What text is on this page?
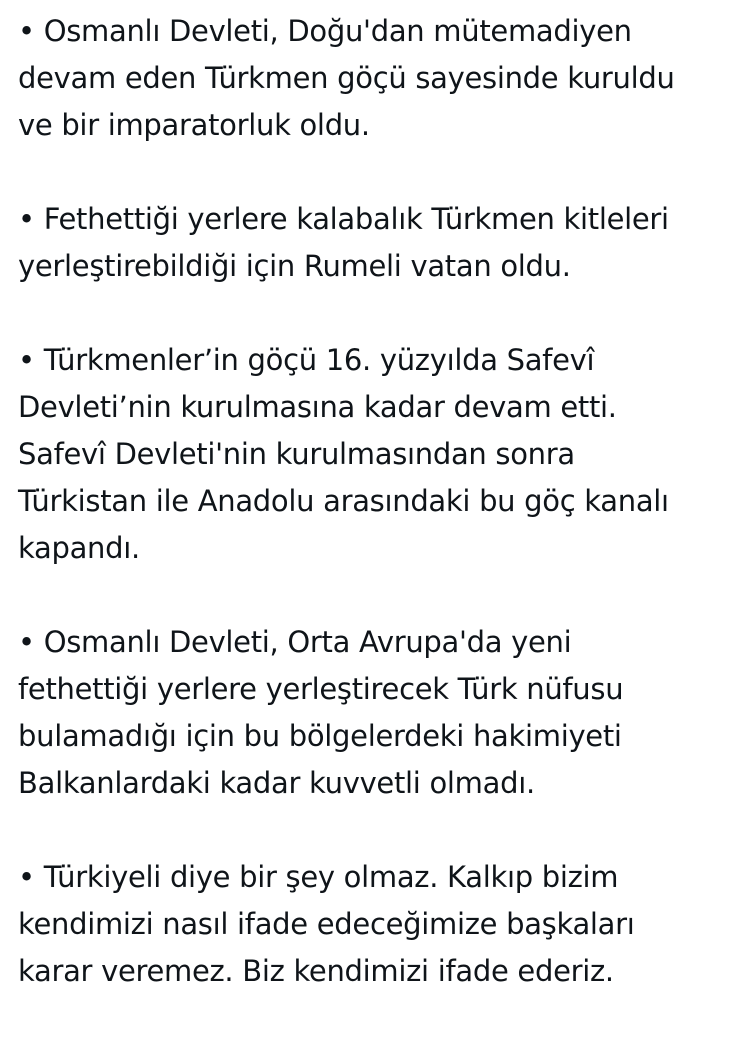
• Osmanlı Devleti, Doğu'dan mütemadiyen
devam eden Türkmen göçü sayesinde kuruldu
ve bir imparatorluk oldu.

• Fethettiği yerlere kalabalık Türkmen kitleleri
yerleştirebildiği için Rumeli vatan oldu.

• Türkmenler’in göçü 16. yüzyılda Safevî
Devleti’nin kurulmasına kadar devam etti.
Safevî Devleti'nin kurulmasından sonra
Türkistan ile Anadolu arasındaki bu göç kanalı
kapandı.

• Osmanlı Devleti, Orta Avrupa'da yeni
fethettiği yerlere yerleştirecek Türk nüfusu
bulamadığı için bu bölgelerdeki hakimiyeti
Balkanlardaki kadar kuvvetli olmadı.

• Türkiyeli diye bir şey olmaz. Kalkıp bizim
kendimizi nasıl ifade edeceğimize başkaları
karar veremez. Biz kendimizi ifade ederiz.
